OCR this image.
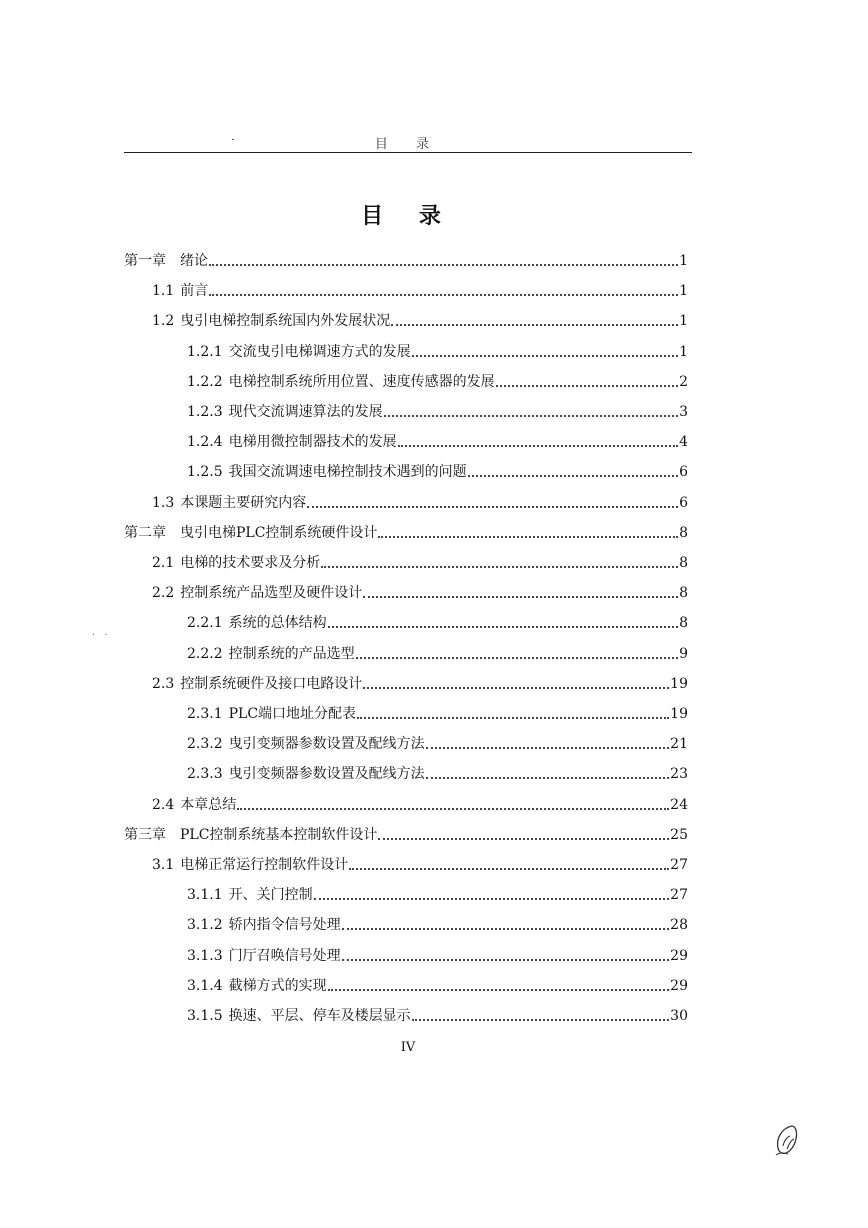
目 录
目 录
第一章 绪论	1
1.1 前言	1
1.2 曳引电梯控制系统国内外发展状况	1
1.2.1 交流曳引电梯调速方式的发展	1
1.2.2 电梯控制系统所用位置、速度传感器的发展	2
1.2.3 现代交流调速算法的发展	3
1.2.4 电梯用微控制器技术的发展	4
1.2.5 我国交流调速电梯控制技术遇到的问题	6
1.3 本课题主要研究内容	6
第二章 曳引电梯PLC控制系统硬件设计	8
2.1 电梯的技术要求及分析	8
2.2 控制系统产品选型及硬件设计	8
2.2.1 系统的总体结构	8
2.2.2 控制系统的产品选型	9
2.3 控制系统硬件及接口电路设计	19
2.3.1 PLC端口地址分配表	19
2.3.2 曳引变频器参数设置及配线方法	21
2.3.3 曳引变频器参数设置及配线方法	23
2.4 本章总结	24
第三章 PLC控制系统基本控制软件设计	25
3.1 电梯正常运行控制软件设计	27
3.1.1 开、关门控制	27
3.1.2 轿内指令信号处理	28
3.1.3 门厅召唤信号处理	29
3.1.4 截梯方式的实现	29
3.1.5 换速、平层、停车及楼层显示	30
· ·
IV
